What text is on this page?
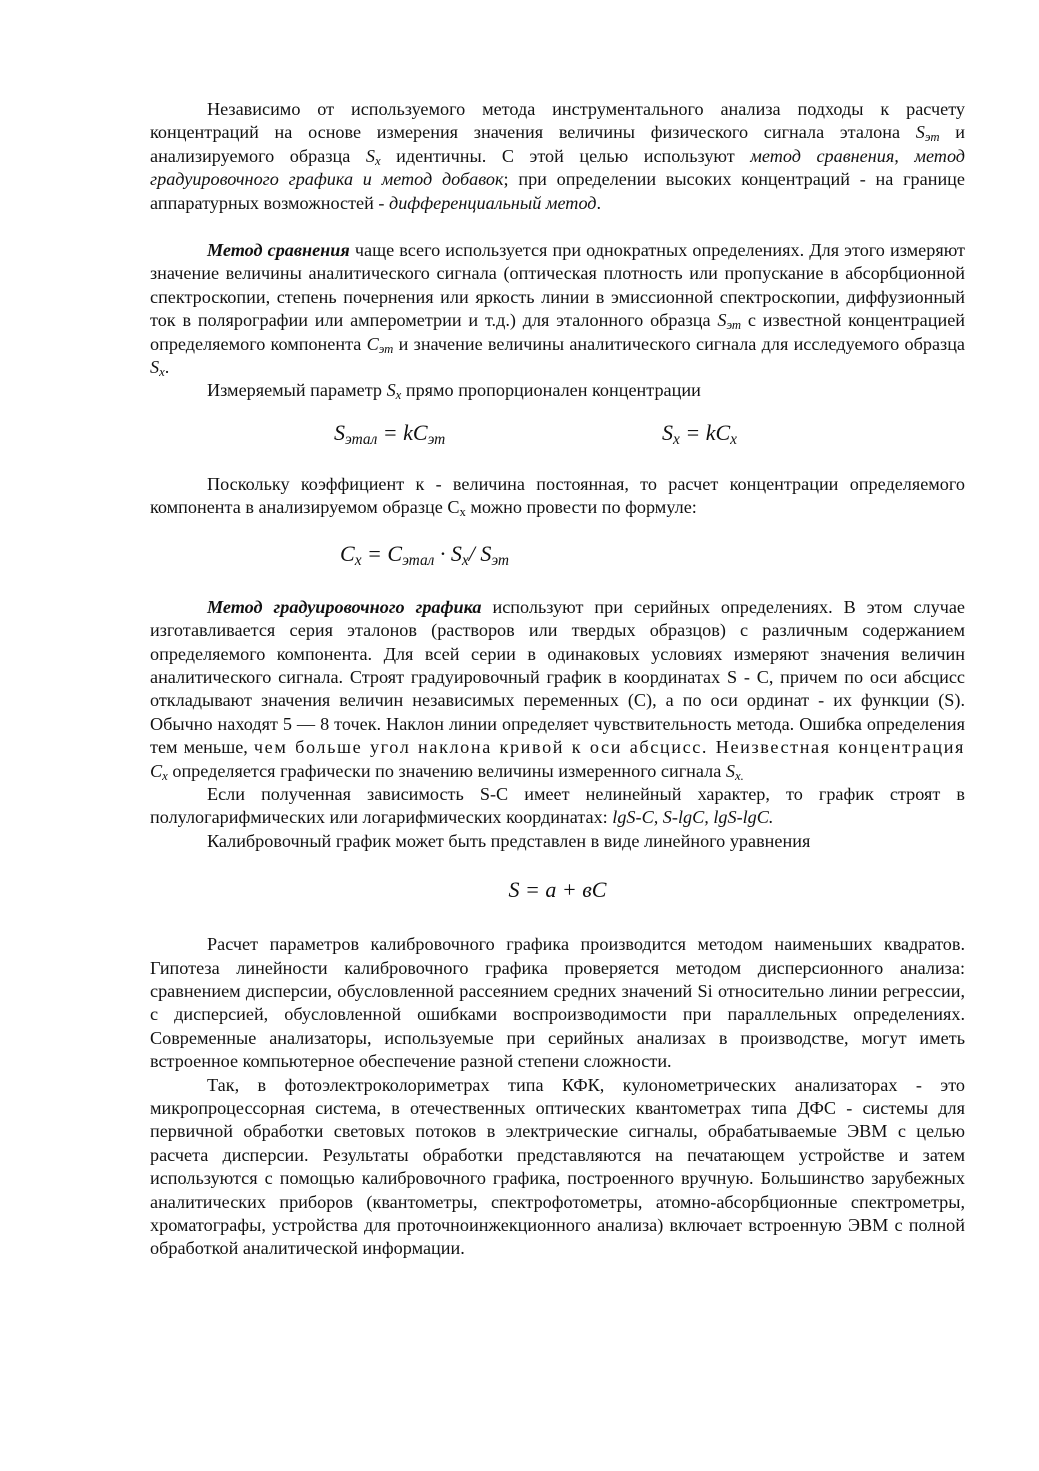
Независимо от используемого метода инструментального анализа подходы к расчету концентраций на основе измерения значения величины физического сигнала эталона $S_{эт}$ и анализируемого образца $S_x$ идентичны. С этой целью используют метод сравнения, метод градуировочного графика и метод добавок; при определении высоких концентраций - на границе аппаратурных возможностей - дифференциальный метод.

Метод сравнения чаще всего используется при однократных определениях. Для этого измеряют значение величины аналитического сигнала (оптическая плотность или пропускание в абсорбционной спектроскопии, степень почернения или яркость линии в эмиссионной спектроскопии, диффузионный ток в полярографии или амперометрии и т.д.) для эталонного образца $S_{эт}$ с известной концентрацией определяемого компонента $C_{эт}$ и значение величины аналитического сигнала для исследуемого образца $S_x$.

Измеряемый параметр $S_x$ прямо пропорционален концентрации

$S_{этал} = kC_{эт}$	$S_x = kC_x$

Поскольку коэффициент к - величина постоянная, то расчет концентрации определяемого компонента в анализируемом образце $С_x$ можно провести по формуле:

$C_x = C_{этал} \cdot S_x/$ $S_{эт}$

Метод градуировочного графика используют при серийных определениях. В этом случае изготавливается серия эталонов (растворов или твердых образцов) с различным содержанием определяемого компонента. Для всей серии в одинаковых условиях измеряют значения величин аналитического сигнала. Строят градуировочный график в координатах S - С, причем по оси абсцисс откладывают значения величин независимых переменных (С), а по оси ординат - их функции (S). Обычно находят 5 — 8 точек. Наклон линии определяет чувствительность метода. Ошибка определения тем меньше, чем больше угол наклона кривой к оси абсцисс. Неизвестная концентрация $C_x$ определяется графически по значению величины измеренного сигнала $S_{x.}$

Если полученная зависимость S-C имеет нелинейный характер, то график строят в полулогарифмических или логарифмических координатах: lgS-C, S-lgC, lgS-lgC.

Калибровочный график может быть представлен в виде линейного уравнения

S = a + вC

Расчет параметров калибровочного графика производится методом наименьших квадратов. Гипотеза линейности калибровочного графика проверяется методом дисперсионного анализа: сравнением дисперсии, обусловленной рассеянием средних значений Si относительно линии регрессии, с дисперсией, обусловленной ошибками воспроизводимости при параллельных определениях. Современные анализаторы, используемые при серийных анализах в производстве, могут иметь встроенное компьютерное обеспечение разной степени сложности.

Так, в фотоэлектроколориметрах типа КФК, кулонометрических анализаторах - это микропроцессорная система, в отечественных оптических квантометрах типа ДФС - системы для первичной обработки световых потоков в электрические сигналы, обрабатываемые ЭВМ с целью расчета дисперсии. Результаты обработки представляются на печатающем устройстве и затем используются с помощью калибровочного графика, построенного вручную. Большинство зарубежных аналитических приборов (квантометры, спектрофотометры, атомно-абсорбционные спектрометры, хроматографы, устройства для проточноинжекционного анализа) включает встроенную ЭВМ с полной обработкой аналитической информации.
